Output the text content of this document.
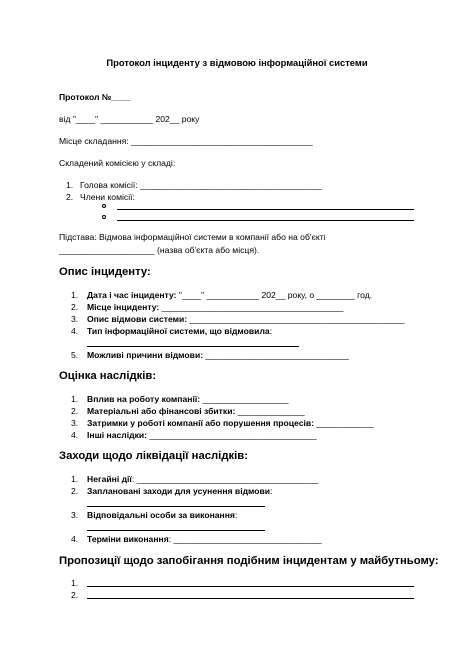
Протокол інциденту з відмовою інформаційної системи
Протокол №____
від "____" ___________ 202__ року
Місце складання: ______________________________________
Складений комісією у складі:
1. Голова комісії: ______________________________________
2. Члени комісії:
Підстава: Відмова інформаційної системи в компанії або на об'єкті
____________________ (назва об'єкта або місця).
Опис інциденту:
1. Дата і час інциденту: "____" ___________ 202__ року, о ________ год.
2. Місце інциденту: ______________________________________
3. Опис відмови системи: _____________________________________________
4. Тип інформаційної системи, що відмовила:
5. Можливі причини відмови: ______________________________
Оцінка наслідків:
1. Вплив на роботу компанії: __________________
2. Матеріальні або фінансові збитки: ______________
3. Затримки у роботі компанії або порушення процесів: ____________
4. Інші наслідки: ___________________________________
Заходи щодо ліквідації наслідків:
1. Негайні дії: ______________________________________
2. Заплановані заходи для усунення відмови:
3. Відповідальні особи за виконання:
4. Терміни виконання: _______________________________
Пропозиції щодо запобігання подібним інцидентам у майбутньому:
1.
2.
